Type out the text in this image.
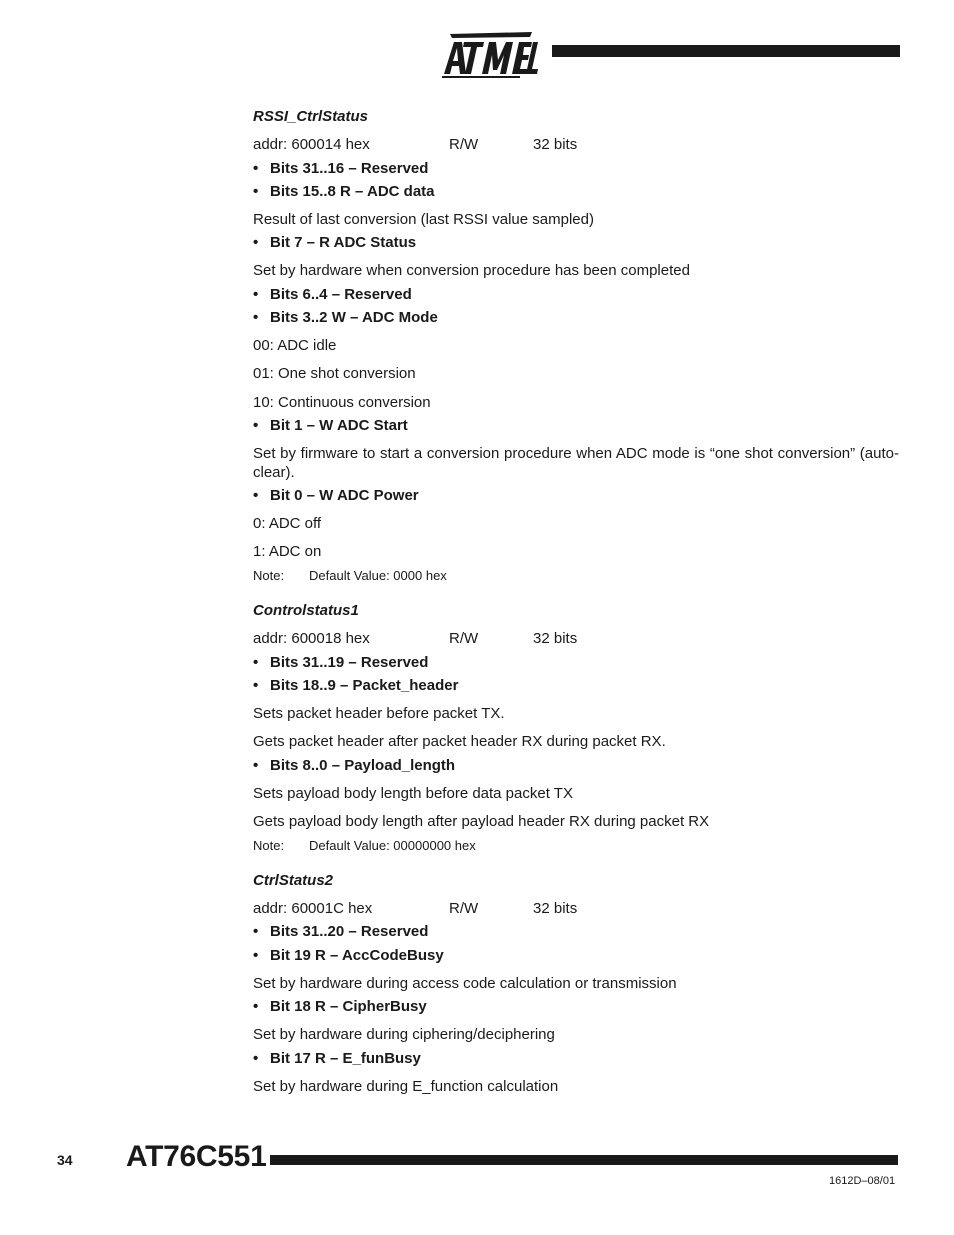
RSSI_CtrlStatus
addr: 600014 hex	R/W	32 bits
• Bits 31..16 – Reserved
• Bits 15..8 R – ADC data
Result of last conversion (last RSSI value sampled)
• Bit 7 – R ADC Status
Set by hardware when conversion procedure has been completed
• Bits 6..4 – Reserved
• Bits 3..2 W – ADC Mode
00: ADC idle
01: One shot conversion
10: Continuous conversion
• Bit 1 – W ADC Start
Set by firmware to start a conversion procedure when ADC mode is “one shot conversion” (auto-clear).
• Bit 0 – W ADC Power
0: ADC off
1: ADC on
Note: Default Value: 0000 hex
Controlstatus1
addr: 600018 hex	R/W	32 bits
• Bits 31..19 – Reserved
• Bits 18..9 – Packet_header
Sets packet header before packet TX.
Gets packet header after packet header RX during packet RX.
• Bits 8..0 – Payload_length
Sets payload body length before data packet TX
Gets payload body length after payload header RX during packet RX
Note: Default Value: 00000000 hex
CtrlStatus2
addr: 60001C hex	R/W	32 bits
• Bits 31..20 – Reserved
• Bit 19 R – AccCodeBusy
Set by hardware during access code calculation or transmission
• Bit 18 R – CipherBusy
Set by hardware during ciphering/deciphering
• Bit 17 R – E_funBusy
Set by hardware during E_function calculation
34 AT76C551
1612D–08/01
